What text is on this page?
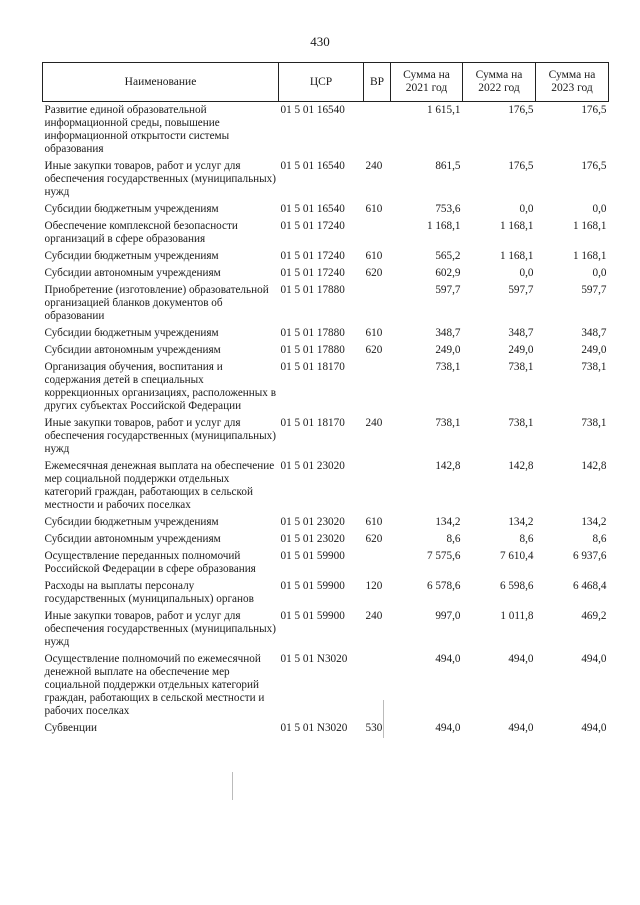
430
Наименование	ЦСР	ВР	Сумма на 2021 год	Сумма на 2022 год	Сумма на 2023 год
Развитие единой образовательной информационной среды, повышение информационной открытости системы образования	01 5 01 16540		1 615,1	176,5	176,5
Иные закупки товаров, работ и услуг для обеспечения государственных (муниципальных) нужд	01 5 01 16540	240	861,5	176,5	176,5
Субсидии бюджетным учреждениям	01 5 01 16540	610	753,6	0,0	0,0
Обеспечение комплексной безопасности организаций в сфере образования	01 5 01 17240		1 168,1	1 168,1	1 168,1
Субсидии бюджетным учреждениям	01 5 01 17240	610	565,2	1 168,1	1 168,1
Субсидии автономным учреждениям	01 5 01 17240	620	602,9	0,0	0,0
Приобретение (изготовление) образовательной организацией бланков документов об образовании	01 5 01 17880		597,7	597,7	597,7
Субсидии бюджетным учреждениям	01 5 01 17880	610	348,7	348,7	348,7
Субсидии автономным учреждениям	01 5 01 17880	620	249,0	249,0	249,0
Организация обучения, воспитания и содержания детей в специальных коррекционных организациях, расположенных в других субъектах Российской Федерации	01 5 01 18170		738,1	738,1	738,1
Иные закупки товаров, работ и услуг для обеспечения государственных (муниципальных) нужд	01 5 01 18170	240	738,1	738,1	738,1
Ежемесячная денежная выплата на обеспечение мер социальной поддержки отдельных категорий граждан, работающих в сельской местности и рабочих поселках	01 5 01 23020		142,8	142,8	142,8
Субсидии бюджетным учреждениям	01 5 01 23020	610	134,2	134,2	134,2
Субсидии автономным учреждениям	01 5 01 23020	620	8,6	8,6	8,6
Осуществление переданных полномочий Российской Федерации в сфере образования	01 5 01 59900		7 575,6	7 610,4	6 937,6
Расходы на выплаты персоналу государственных (муниципальных) органов	01 5 01 59900	120	6 578,6	6 598,6	6 468,4
Иные закупки товаров, работ и услуг для обеспечения государственных (муниципальных) нужд	01 5 01 59900	240	997,0	1 011,8	469,2
Осуществление полномочий по ежемесячной денежной выплате на обеспечение мер социальной поддержки отдельных категорий граждан, работающих в сельской местности и рабочих поселках	01 5 01 N3020		494,0	494,0	494,0
Субвенции	01 5 01 N3020	530	494,0	494,0	494,0
